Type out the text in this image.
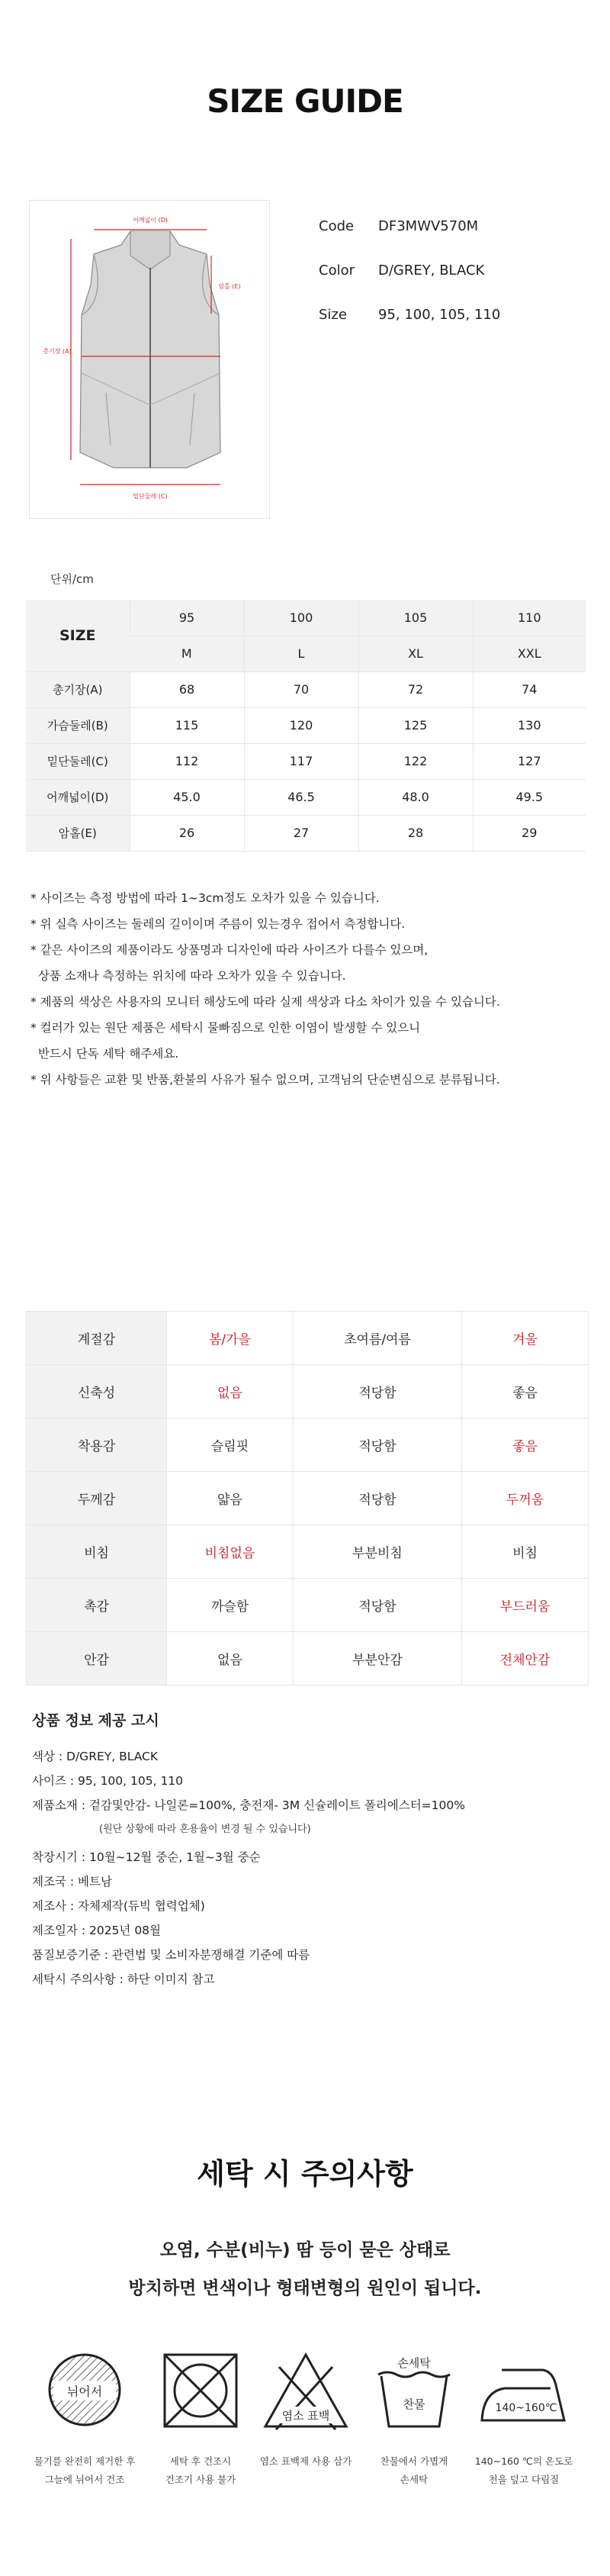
SIZE GUIDE
어깨넓이 (D)
암홀 (E)
총기장 (A)
밑단둘레 (C)
Code DF3MWV570M
Color D/GREY, BLACK
Size 95, 100, 105, 110
단위/cm
SIZE	95	100	105	110
	M	L	XL	XXL
총기장(A)	68	70	72	74
가슴둘레(B)	115	120	125	130
밑단둘레(C)	112	117	122	127
어깨넓이(D)	45.0	46.5	48.0	49.5
암홀(E)	26	27	28	29
* 사이즈는 측정 방법에 따라 1~3cm정도 오차가 있을 수 있습니다.
* 위 실측 사이즈는 둘레의 길이이며 주름이 있는경우 접어서 측정합니다.
* 같은 사이즈의 제품이라도 상품명과 디자인에 따라 사이즈가 다를수 있으며,
상품 소재나 측정하는 위치에 따라 오차가 있을 수 있습니다.
* 제품의 색상은 사용자의 모니터 해상도에 따라 실제 색상과 다소 차이가 있을 수 있습니다.
* 컬러가 있는 원단 제품은 세탁시 물빠짐으로 인한 이염이 발생할 수 있으니
반드시 단독 세탁 해주세요.
* 위 사항들은 교환 및 반품,환불의 사유가 될수 없으며, 고객님의 단순변심으로 분류됩니다.
계절감	봄/가을	초여름/여름	겨울
신축성	없음	적당함	좋음
착용감	슬림핏	적당함	좋음
두께감	얇음	적당함	두꺼움
비침	비침없음	부분비침	비침
촉감	까슬함	적당함	부드러움
안감	없음	부분안감	전체안감
상품 정보 제공 고시
색상 : D/GREY, BLACK
사이즈 : 95, 100, 105, 110
제품소재 : 겉감및안감- 나일론=100%, 충전재- 3M 신슐레이트 폴리에스터=100%
(원단 상황에 따라 혼용율이 변경 될 수 있습니다)
착장시기 : 10월~12월 중순, 1월~3월 중순
제조국 : 베트남
제조사 : 자체제작(듀빅 협력업체)
제조일자 : 2025년 08월
품질보증기준 : 관련법 및 소비자분쟁해결 기준에 따름
세탁시 주의사항 : 하단 이미지 참고
세탁 시 주의사항
오염, 수분(비누) 땀 등이 묻은 상태로
방치하면 변색이나 형태변형의 원인이 됩니다.
뉘어서
염소 표백
손세탁
찬물	140~160℃
물기를 완전히 제거한 후
그늘에 뉘어서 건조
세탁 후 건조시
건조기 사용 불가
염소 표백제 사용 삼가	찬물에서 가볍게
손세탁
140~160 ℃의 온도로
천을 덮고 다림질
